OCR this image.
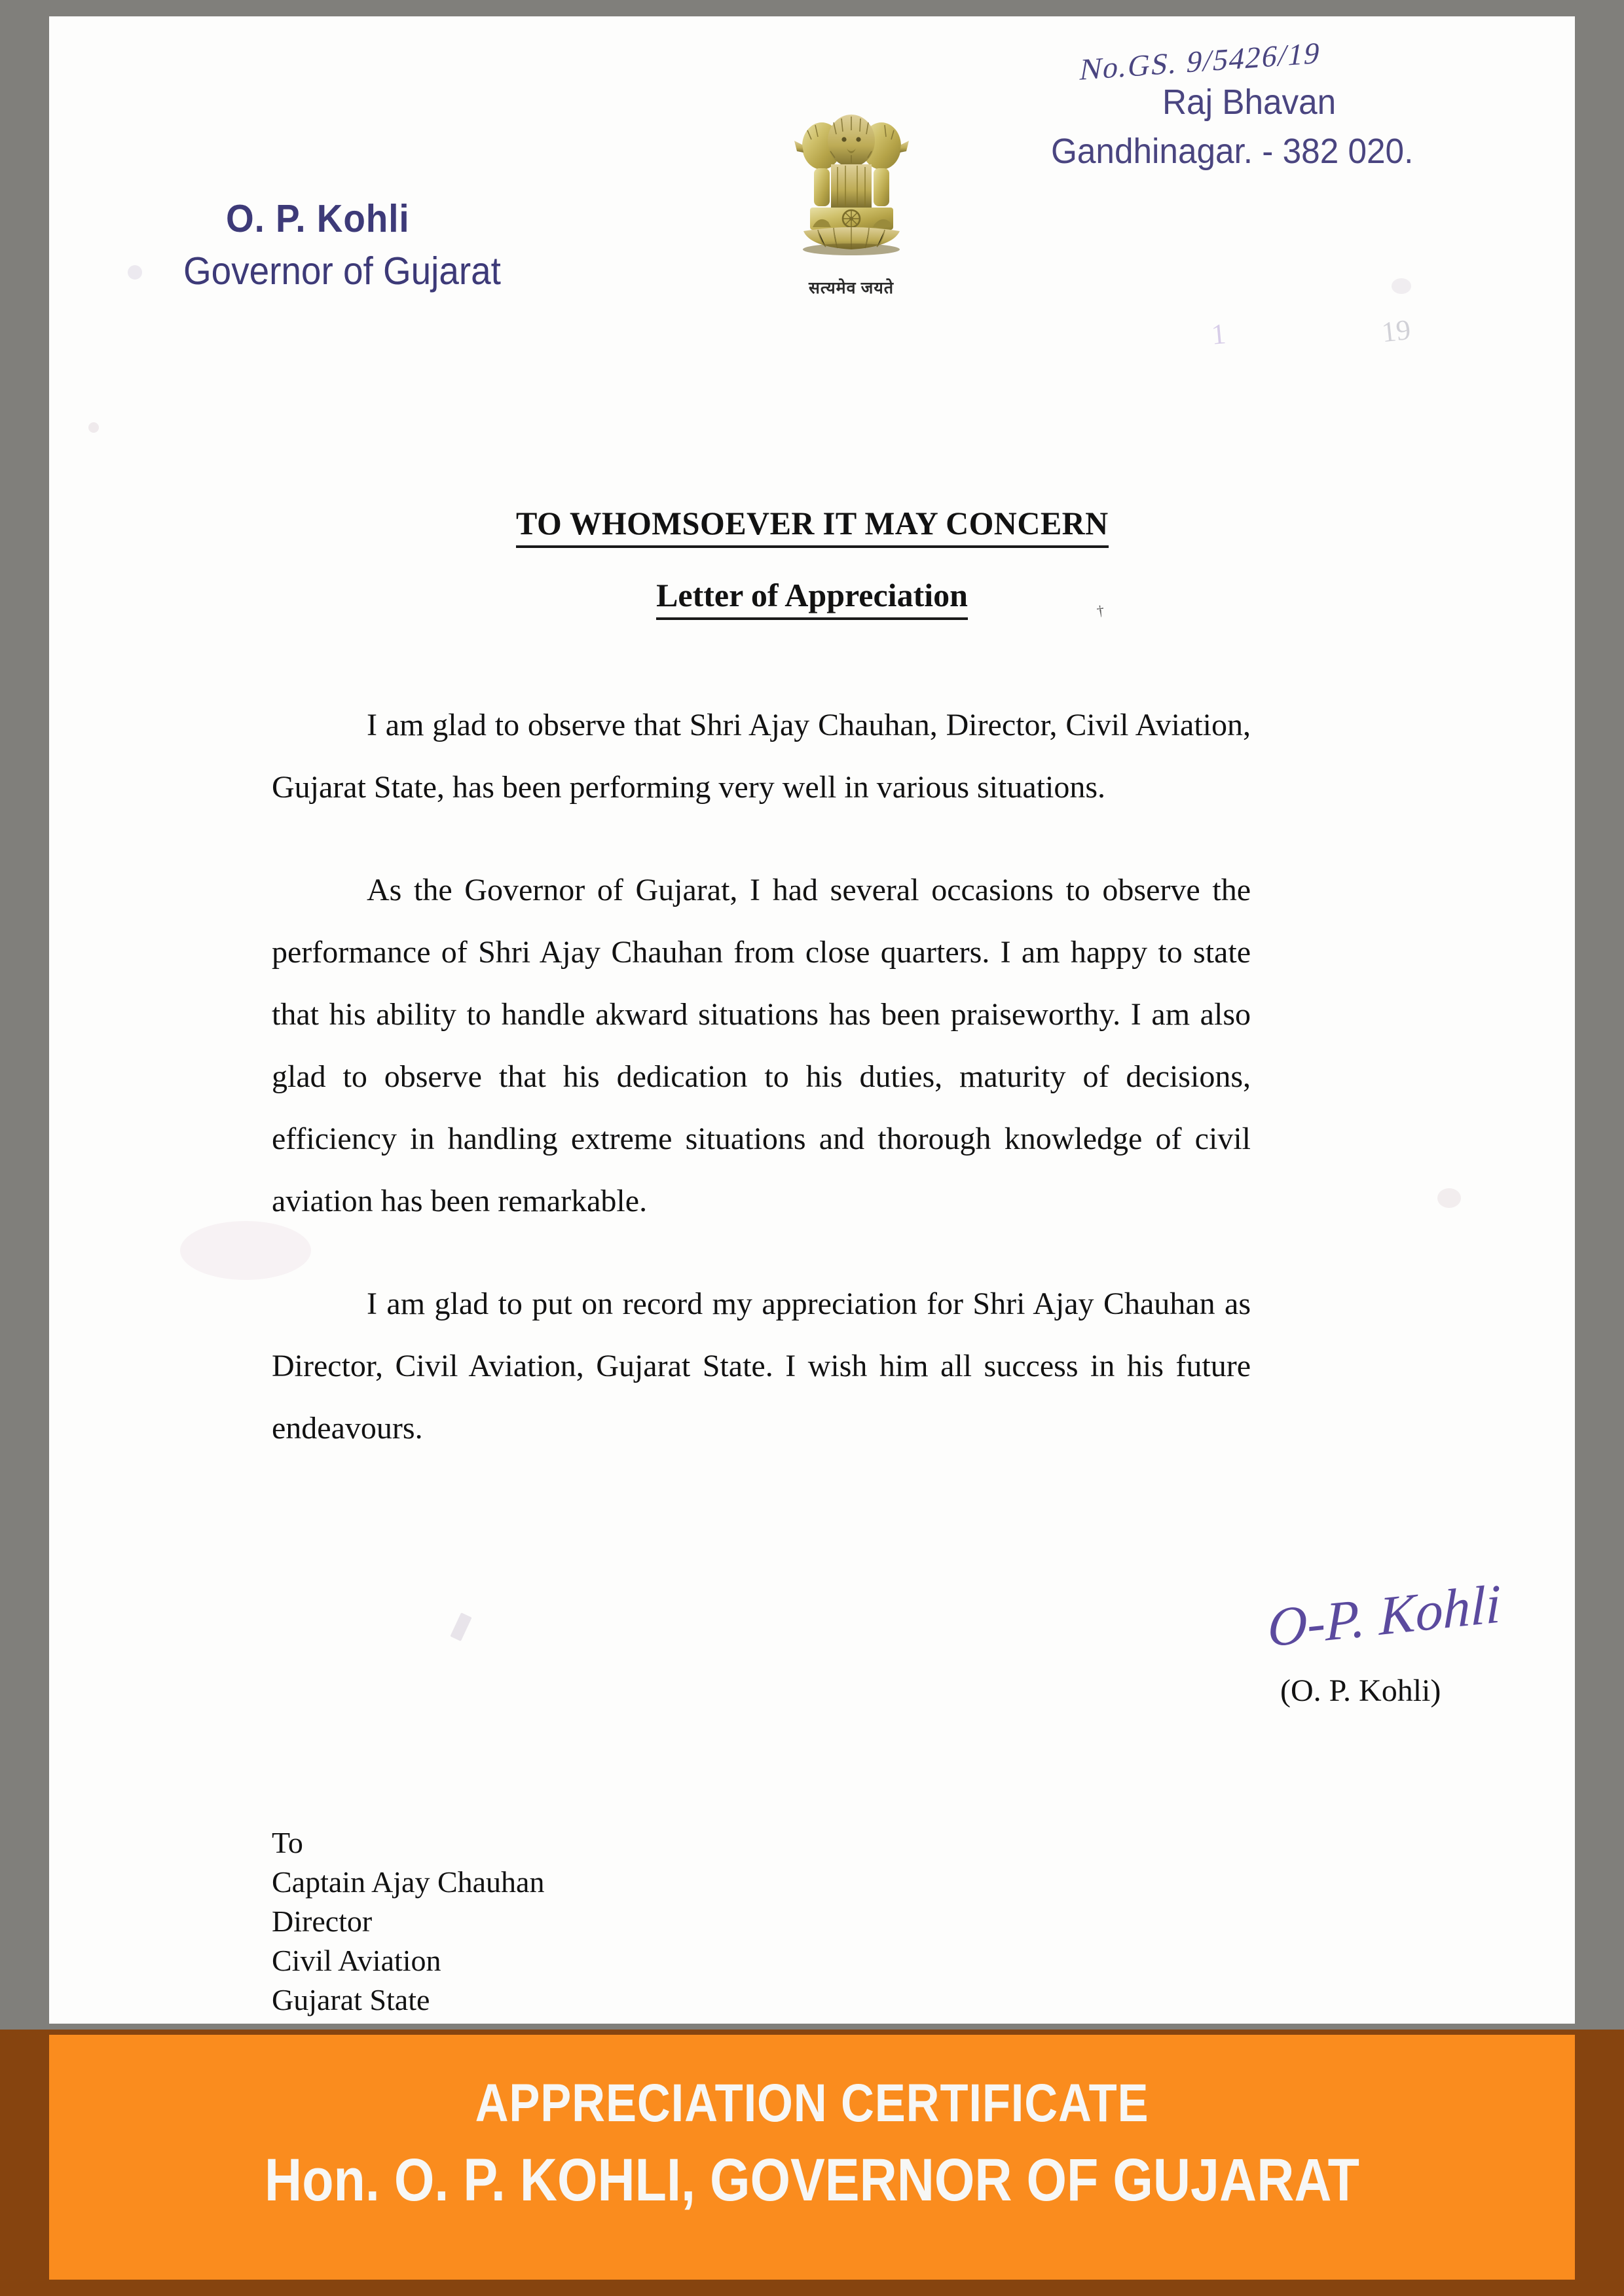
O. P. Kohli
Governor of Gujarat	सत्यमेव जयते
No.GS. 9/5426/19
Raj Bhavan
Gandhinagar. - 382 020.
1	19
TO WHOMSOEVER IT MAY CONCERN
Letter of Appreciation	†

I am glad to observe that Shri Ajay Chauhan, Director, Civil Aviation, Gujarat State, has been performing very well in various situations.

As the Governor of Gujarat, I had several occasions to observe the performance of Shri Ajay Chauhan from close quarters. I am happy to state that his ability to handle akward situations has been praiseworthy. I am also glad to observe that his dedication to his duties, maturity of decisions, efficiency in handling extreme situations and thorough knowledge of civil aviation has been remarkable.

I am glad to put on record my appreciation for Shri Ajay Chauhan as Director, Civil Aviation, Gujarat State. I wish him all success in his future endeavours.

O-P. Kohli
(O. P. Kohli)
To
Captain Ajay Chauhan
Director
Civil Aviation
Gujarat State
APPRECIATION CERTIFICATE
Hon. O. P. KOHLI, GOVERNOR OF GUJARAT
